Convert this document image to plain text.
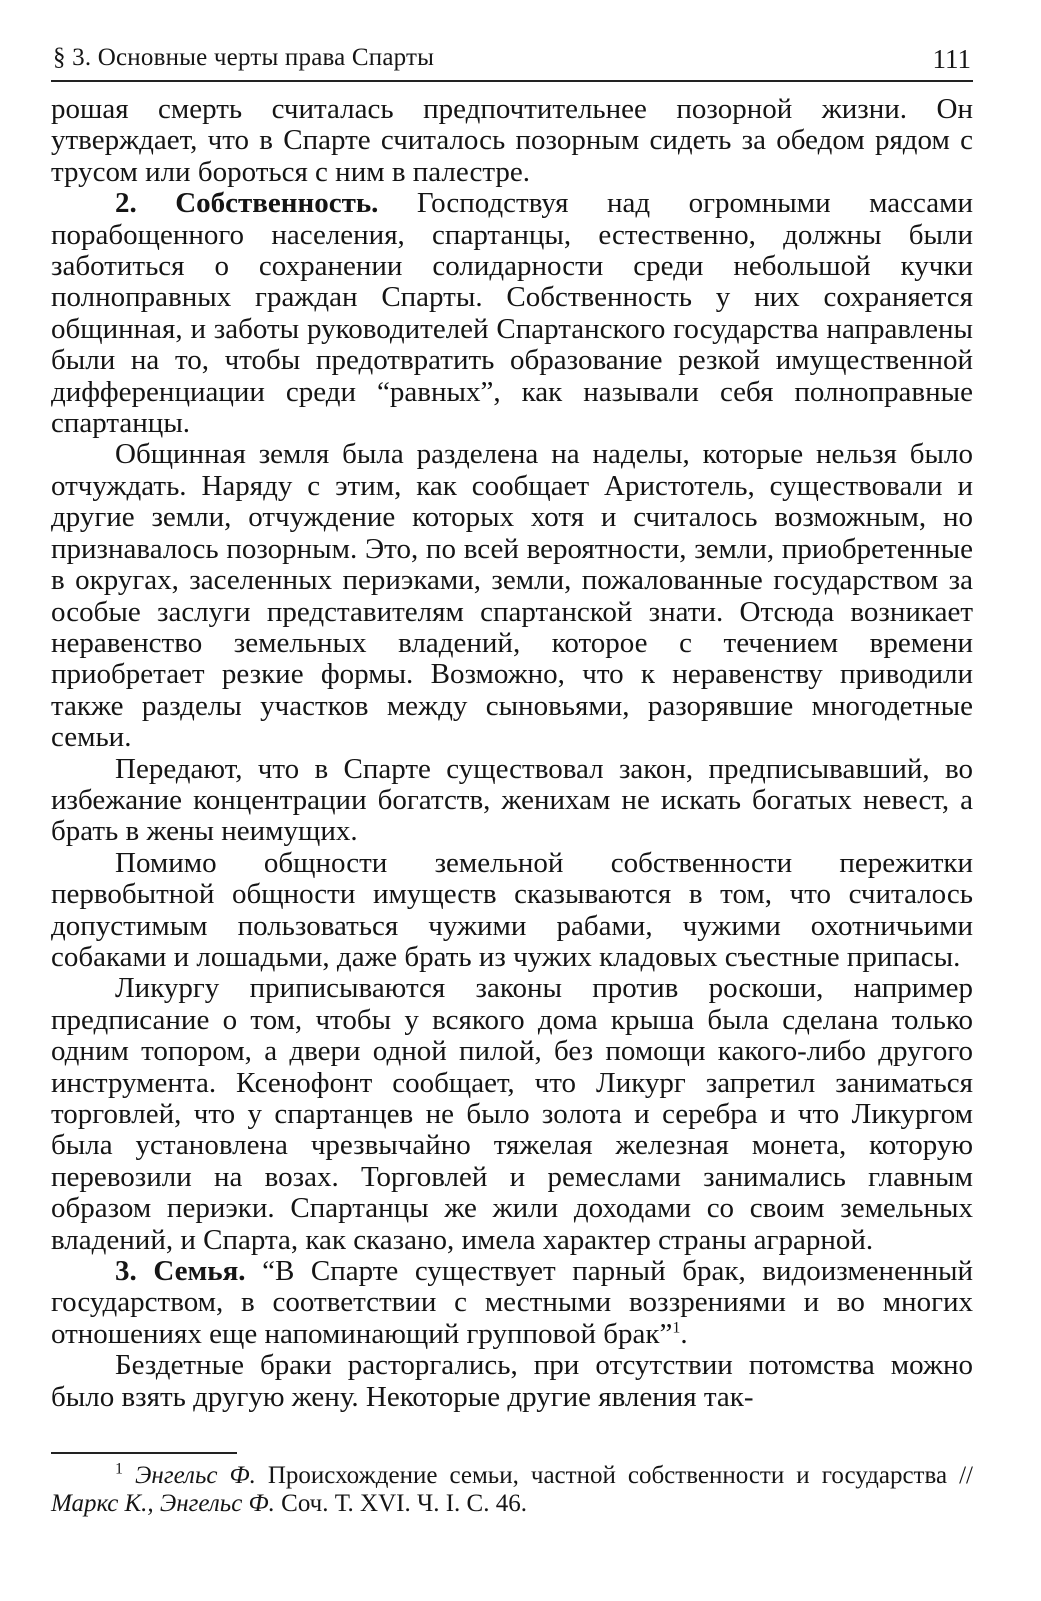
§ 3. Основные черты права Спарты	111

рошая смерть считалась предпочтительнее позорной жизни. Он утверждает, что в Спарте считалось позорным сидеть за обедом рядом с трусом или бороться с ним в палестре.

2. Собственность. Господствуя над огромными массами порабощенного населения, спартанцы, естественно, должны были заботиться о сохранении солидарности среди небольшой кучки полноправных граждан Спарты. Собственность у них сохраняется общинная, и заботы руководителей Спартанского государства направлены были на то, чтобы предотвратить образование резкой имущественной дифференциации среди “равных”, как называли себя полноправные спартанцы.

Общинная земля была разделена на наделы, которые нельзя было отчуждать. Наряду с этим, как сообщает Аристотель, существовали и другие земли, отчуждение которых хотя и считалось возможным, но признавалось позорным. Это, по всей вероятности, земли, приобретенные в округах, заселенных периэками, земли, пожалованные государством за особые заслуги представителям спартанской знати. Отсюда возникает неравенство земельных владений, которое с течением времени приобретает резкие формы. Возможно, что к неравенству приводили также разделы участков между сыновьями, разорявшие многодетные семьи.

Передают, что в Спарте существовал закон, предписывавший, во избежание концентрации богатств, женихам не искать богатых невест, а брать в жены неимущих.

Помимо общности земельной собственности пережитки первобытной общности имуществ сказываются в том, что считалось допустимым пользоваться чужими рабами, чужими охотничьими собаками и лошадьми, даже брать из чужих кладовых съестные припасы.

Ликургу приписываются законы против роскоши, например предписание о том, чтобы у всякого дома крыша была сделана только одним топором, а двери одной пилой, без помощи какого-либо другого инструмента. Ксенофонт сообщает, что Ликург запретил заниматься торговлей, что у спартанцев не было золота и серебра и что Ликургом была установлена чрезвычайно тяжелая железная монета, которую перевозили на возах. Торговлей и ремеслами занимались главным образом периэки. Спартанцы же жили доходами со своим земельных владений, и Спарта, как сказано, имела характер страны аграрной.

3. Семья. “В Спарте существует парный брак, видоизмененный государством, в соответствии с местными воззрениями и во многих отношениях еще напоминающий групповой брак”$^1$.

Бездетные браки расторгались, при отсутствии потомства можно было взять другую жену. Некоторые другие явления так-

$^1$ Энгельс Ф. Происхождение семьи, частной собственности и государства // Маркс К., Энгельс Ф. Соч. Т. XVI. Ч. I. С. 46.
